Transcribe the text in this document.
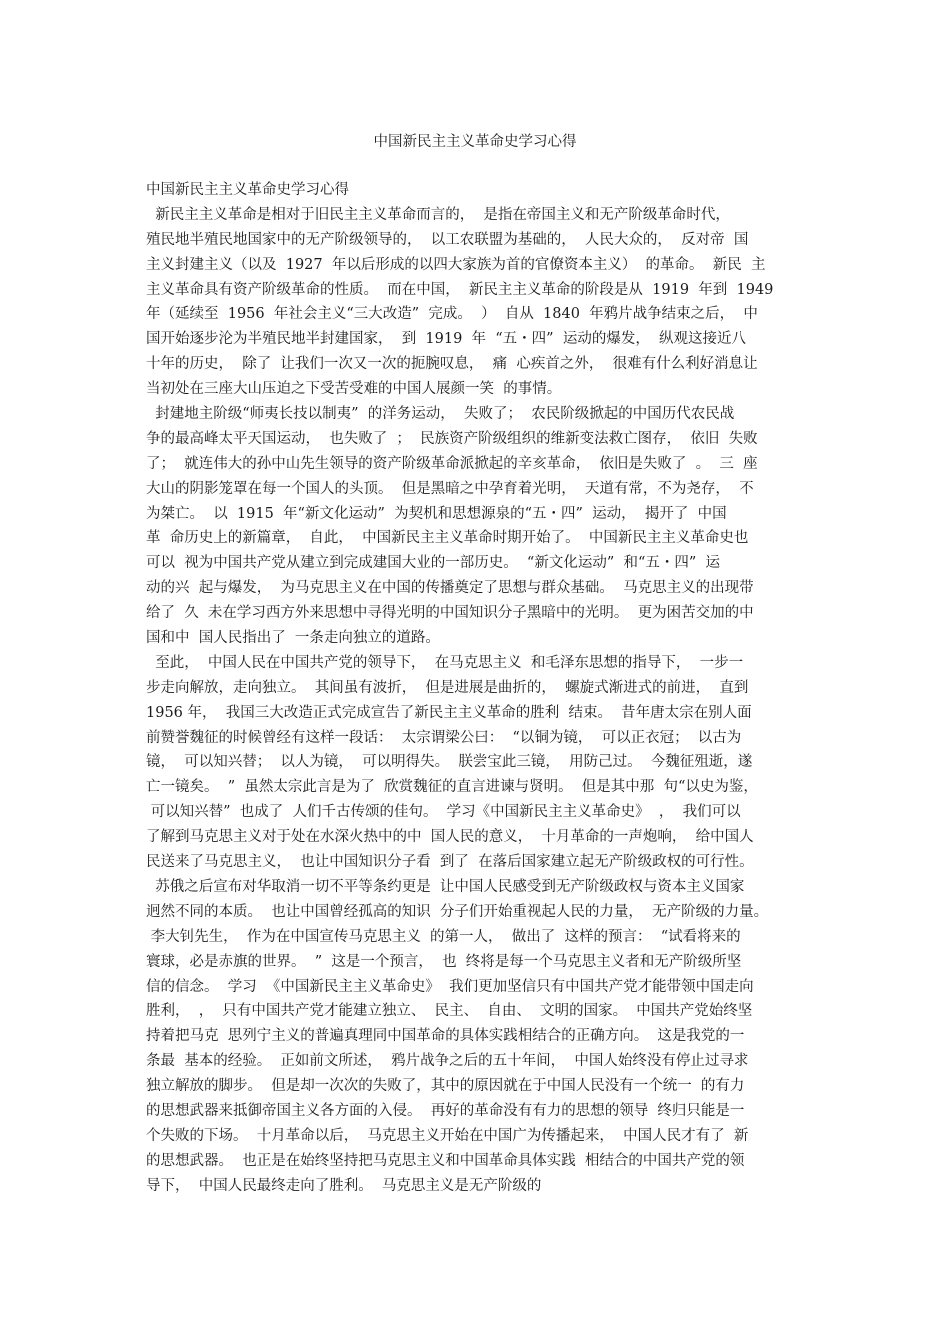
中国新民主主义革命史学习心得
中国新民主主义革命史学习心得
新民主主义革命是相对于旧民主主义革命而言的，  是指在帝国主义和无产阶级革命时代，
殖民地半殖民地国家中的无产阶级领导的，  以工农联盟为基础的，  人民大众的，  反对帝  国
主义封建主义（以及  1927  年以后形成的以四大家族为首的官僚资本主义）  的革命。  新民  主
主义革命具有资产阶级革命的性质。  而在中国，  新民主主义革命的阶段是从  1919  年到  1949
年（延续至  1956  年社会主义“三大改造”  完成。  ）  自从  1840  年鸦片战争结束之后，  中
国开始逐步沦为半殖民地半封建国家，  到  1919  年  “五・四”  运动的爆发，  纵观这接近八
十年的历史，  除了  让我们一次又一次的扼腕叹息，  痛  心疾首之外，  很难有什么利好消息让
当初处在三座大山压迫之下受苦受难的中国人展颜一笑  的事情。
封建地主阶级“师夷长技以制夷”  的洋务运动，  失败了；  农民阶级掀起的中国历代农民战
争的最高峰太平天国运动，  也失败了  ；  民族资产阶级组织的维新变法救亡图存，  依旧  失败
了；  就连伟大的孙中山先生领导的资产阶级革命派掀起的辛亥革命，  依旧是失败了  。  三  座
大山的阴影笼罩在每一个国人的头顶。  但是黑暗之中孕育着光明，  天道有常，不为尧存，  不
为桀亡。  以  1915  年“新文化运动”  为契机和思想源泉的“五・四”  运动，  揭开了  中国
革  命历史上的新篇章，  自此，  中国新民主主义革命时期开始了。  中国新民主主义革命史也
可以  视为中国共产党从建立到完成建国大业的一部历史。  “新文化运动”  和“五・四”  运
动的兴  起与爆发，  为马克思主义在中国的传播奠定了思想与群众基础。  马克思主义的出现带
给了  久  未在学习西方外来思想中寻得光明的中国知识分子黑暗中的光明。  更为困苦交加的中
国和中  国人民指出了  一条走向独立的道路。
至此，  中国人民在中国共产党的领导下，  在马克思主义  和毛泽东思想的指导下，  一步一
步走向解放，走向独立。  其间虽有波折，  但是进展是曲折的，  螺旋式渐进式的前进，  直到
1956 年，  我国三大改造正式完成宣告了新民主主义革命的胜利  结束。  昔年唐太宗在别人面
前赞誉魏征的时候曾经有这样一段话：  太宗谓梁公曰：  “以铜为镜，  可以正衣冠；  以古为
镜，  可以知兴替；  以人为镜，  可以明得失。  朕尝宝此三镜，  用防己过。  今魏征殂逝，遂
亡一镜矣。  ”  虽然太宗此言是为了  欣赏魏征的直言进谏与贤明。  但是其中那  句“以史为鉴，
可以知兴替”  也成了  人们千古传颂的佳句。  学习《中国新民主主义革命史》  ，  我们可以
了解到马克思主义对于处在水深火热中的中  国人民的意义，  十月革命的一声炮响，  给中国人
民送来了马克思主义，  也让中国知识分子看  到了  在落后国家建立起无产阶级政权的可行性。
苏俄之后宣布对华取消一切不平等条约更是  让中国人民感受到无产阶级政权与资本主义国家
迥然不同的本质。  也让中国曾经孤高的知识  分子们开始重视起人民的力量，  无产阶级的力量。
李大钊先生，  作为在中国宣传马克思主义  的第一人，  做出了  这样的预言：  “试看将来的
寰球，必是赤旗的世界。  ”  这是一个预言，  也  终将是每一个马克思主义者和无产阶级所坚
信的信念。  学习  《中国新民主主义革命史》  我们更加坚信只有中国共产党才能带领中国走向
胜利，  ，  只有中国共产党才能建立独立、  民主、  自由、  文明的国家。  中国共产党始终坚
持着把马克  思列宁主义的普遍真理同中国革命的具体实践相结合的正确方向。  这是我党的一
条最  基本的经验。  正如前文所述，  鸦片战争之后的五十年间，  中国人始终没有停止过寻求
独立解放的脚步。  但是却一次次的失败了，其中的原因就在于中国人民没有一个统一  的有力
的思想武器来抵御帝国主义各方面的入侵。  再好的革命没有有力的思想的领导  终归只能是一
个失败的下场。  十月革命以后，  马克思主义开始在中国广为传播起来，  中国人民才有了  新
的思想武器。  也正是在始终坚持把马克思主义和中国革命具体实践  相结合的中国共产党的领
导下，  中国人民最终走向了胜利。  马克思主义是无产阶级的
